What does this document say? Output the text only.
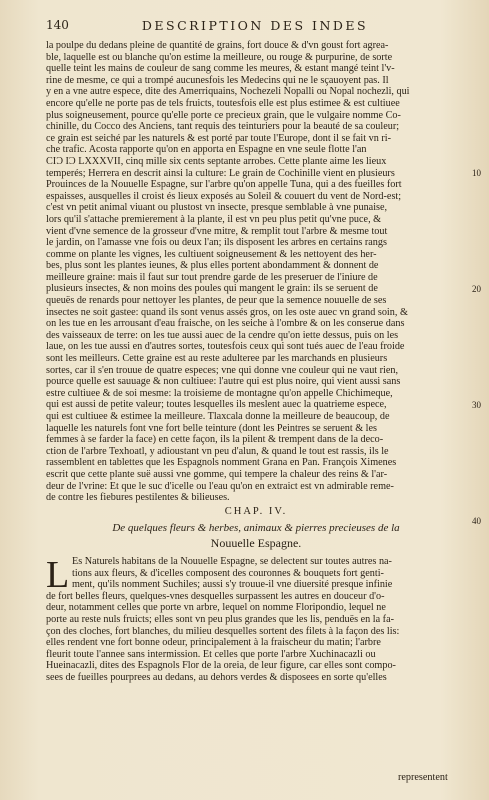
140	DESCRIPTION DES INDES
la poulpe du dedans pleine de quantité de grains, fort douce & d'vn goust fort agrea-
ble, laquelle est ou blanche qu'on estime la meilleure, ou rouge & purpurine, de sorte
quelle teint les mains de couleur de sang comme les meures, & estant mangé teint l'v-
rine de mesme, ce qui a trompé aucunesfois les Medecins qui ne le sçauoyent pas. Il
y en a vne autre espece, dite des Amerriquains, Nochezeli Nopalli ou Nopal nochezli, qui
encore qu'elle ne porte pas de tels fruicts, toutesfois elle est plus estimee & est cultiuee
plus soigneusement, pource qu'elle porte ce precieux grain, que le vulgaire nomme Co-
chinille, du Cocco des Anciens, tant requis des teinturiers pour la beauté de sa couleur;
ce grain est seiché par les naturels & est porté par toute l'Europe, dont il se fait vn ri-
che trafic. Acosta rapporte qu'on en apporta en Espagne en vne seule flotte l'an
CIƆ IƆ LXXXVII, cinq mille six cents septante arrobes. Cette plante aime les lieux
temperés; Herrera en descrit ainsi la culture: Le grain de Cochinille vient en plusieurs
Prouinces de la Nouuelle Espagne, sur l'arbre qu'on appelle Tuna, qui a des fueilles fort
espaisses, ausquelles il croist és lieux exposés au Soleil & couuert du vent de Nord-est;
c'est vn petit animal viuant ou plustost vn insecte, presque semblable à vne punaise,
lors qu'il s'attache premierement à la plante, il est vn peu plus petit qu'vne puce, &
vient d'vne semence de la grosseur d'vne mitre, & remplit tout l'arbre & mesme tout
le jardin, on l'amasse vne fois ou deux l'an; ils disposent les arbres en certains rangs
comme on plante les vignes, les cultiuent soigneusement & les nettoyent des her-
bes, plus sont les plantes ieunes, & plus elles portent abondamment & donnent de
meilleure graine: mais il faut sur tout prendre garde de les preseruer de l'iniure de
plusieurs insectes, & non moins des poules qui mangent le grain: ils se seruent de
queuës de renards pour nettoyer les plantes, de peur que la semence nouuelle de ses
insectes ne soit gastee: quand ils sont venus assés gros, on les oste auec vn grand soin, &
on les tue en les arrousant d'eau fraische, on les seiche à l'ombre & on les conserue dans
des vaisseaux de terre: on les tue aussi auec de la cendre qu'on iette dessus, puis on les
laue, on les tue aussi en d'autres sortes, toutesfois ceux qui sont tués auec de l'eau froide
sont les meilleurs. Cette graine est au reste adulteree par les marchands en plusieurs
sortes, car il s'en trouue de quatre especes; vne qui donne vne couleur qui ne vaut rien,
pource quelle est sauuage & non cultiuee: l'autre qui est plus noire, qui vient aussi sans
estre cultiuee & de soi mesme: la troisieme de montagne qu'on appelle Chichimeque,
qui est aussi de petite valeur; toutes lesquelles ils meslent auec la quatrieme espece,
qui est cultiuee & estimee la meilleure. Tlaxcala donne la meilleure de beaucoup, de
laquelle les naturels font vne fort belle teinture (dont les Peintres se seruent & les
femmes à se farder la face) en cette façon, ils la pilent & trempent dans de la deco-
ction de l'arbre Texhoatl, y adioustant vn peu d'alun, & quand le tout est rassis, ils le
rassemblent en tablettes que les Espagnols nomment Grana en Pan. François Ximenes
escrit que cette plante suë aussi vne gomme, qui tempere la chaleur des reins & l'ar-
deur de l'vrine: Et que le suc d'icelle ou l'eau qu'on en extraict est vn admirable reme-
de contre les fiebures pestilentes & bilieuses.
10
20
30
40
CHAP. IV.
De quelques fleurs & herbes, animaux & pierres precieuses de la
Nouuelle Espagne.
L Es Naturels habitans de la Nouuelle Espagne, se delectent sur toutes autres na-
tions aux fleurs, & d'icelles composent des couronnes & bouquets fort genti-
ment, qu'ils nomment Suchiles; aussi s'y trouue-il vne diuersité presque infinie
de fort belles fleurs, quelques-vnes desquelles surpassent les autres en douceur d'o-
deur, notamment celles que porte vn arbre, lequel on nomme Floripondio, lequel ne
porte au reste nuls fruicts; elles sont vn peu plus grandes que les lis, penduës en la fa-
çon des cloches, fort blanches, du milieu desquelles sortent des filets à la façon des lis:
elles rendent vne fort bonne odeur, principalement à la fraischeur du matin; l'arbre
fleurit toute l'annee sans intermission. Et celles que porte l'arbre Xuchinacazli ou
Hueinacazli, dites des Espagnols Flor de la oreia, de leur figure, car elles sont compo-
sees de fueilles pourprees au dedans, au dehors verdes & disposees en sorte qu'elles
representent
